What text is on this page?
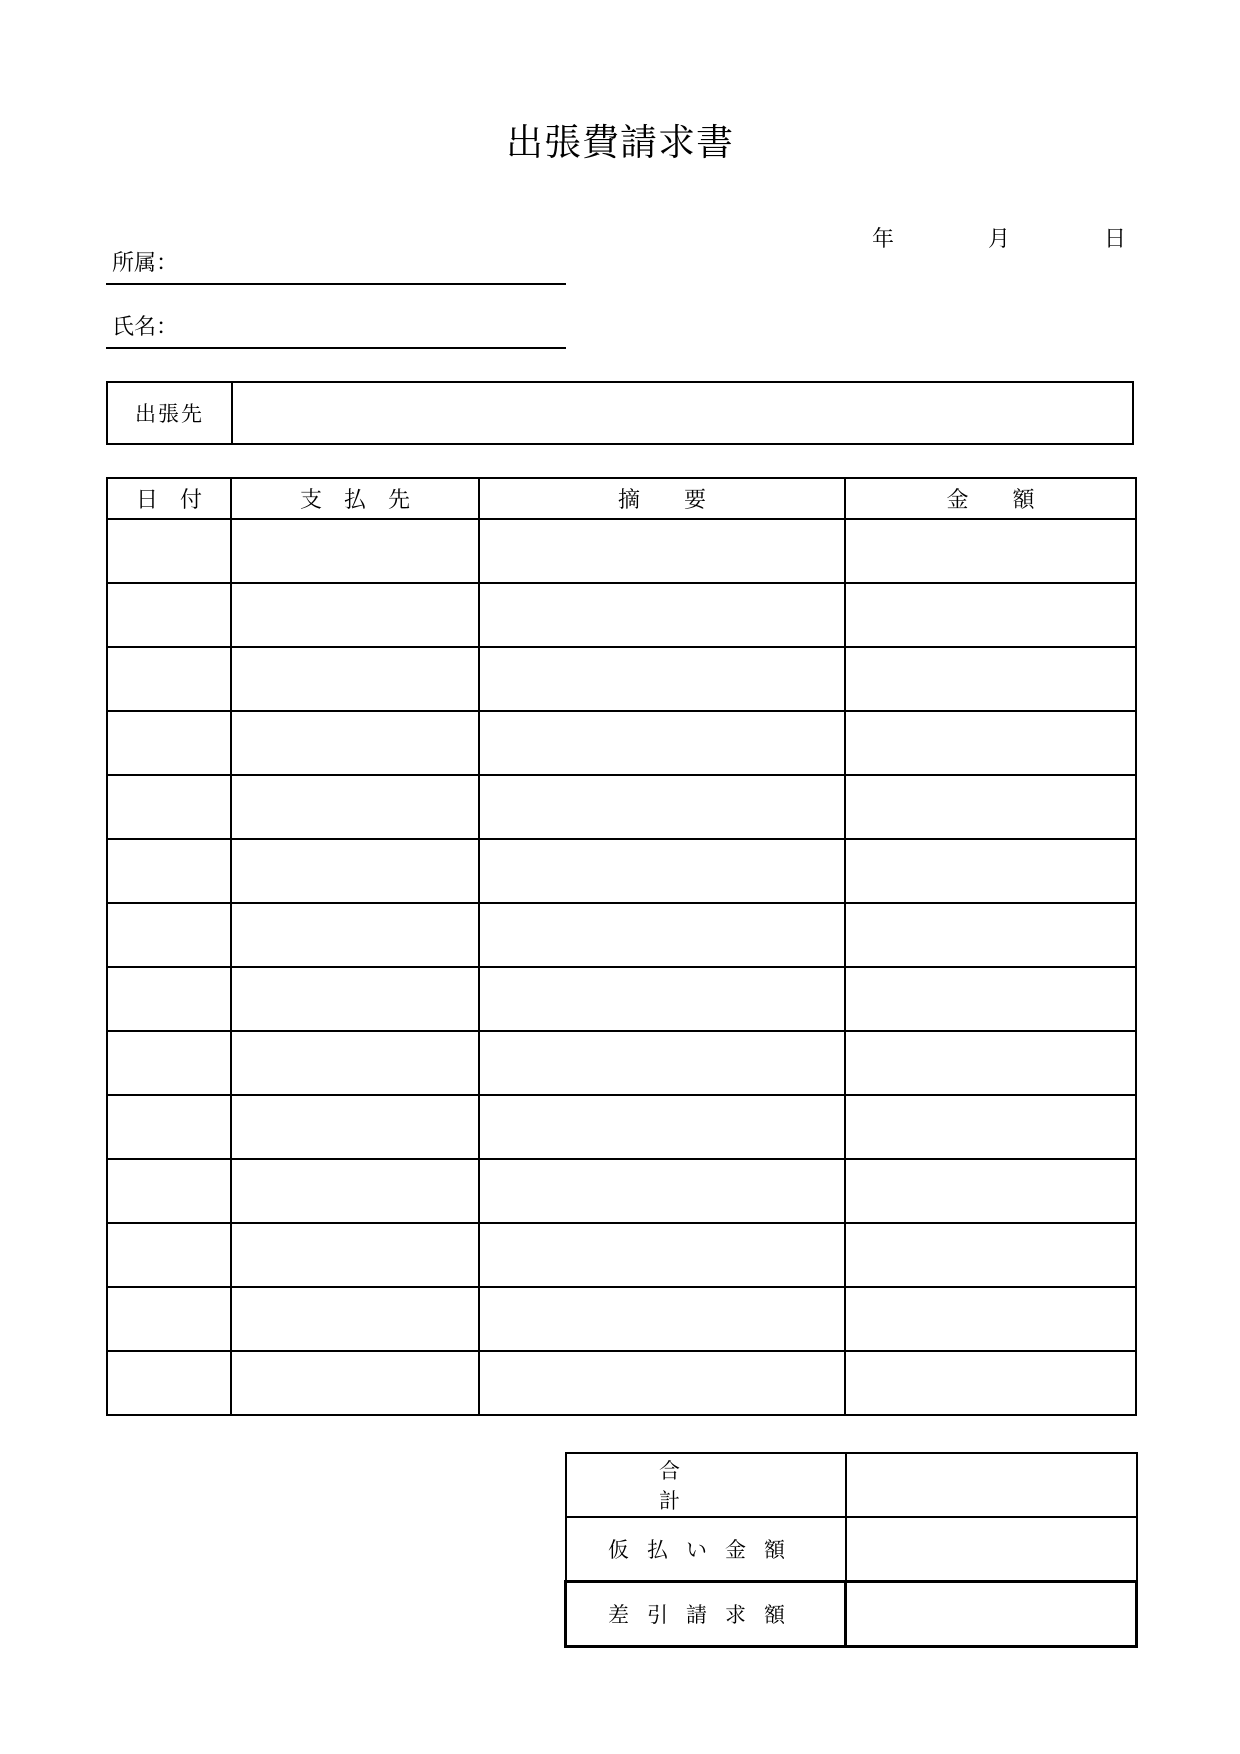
出張費請求書
年	月	日
所属：
氏名：
出張先
日　付	支　払　先	摘　　要	金　　額

合　　　計	
仮払い金額	
差引請求額	
